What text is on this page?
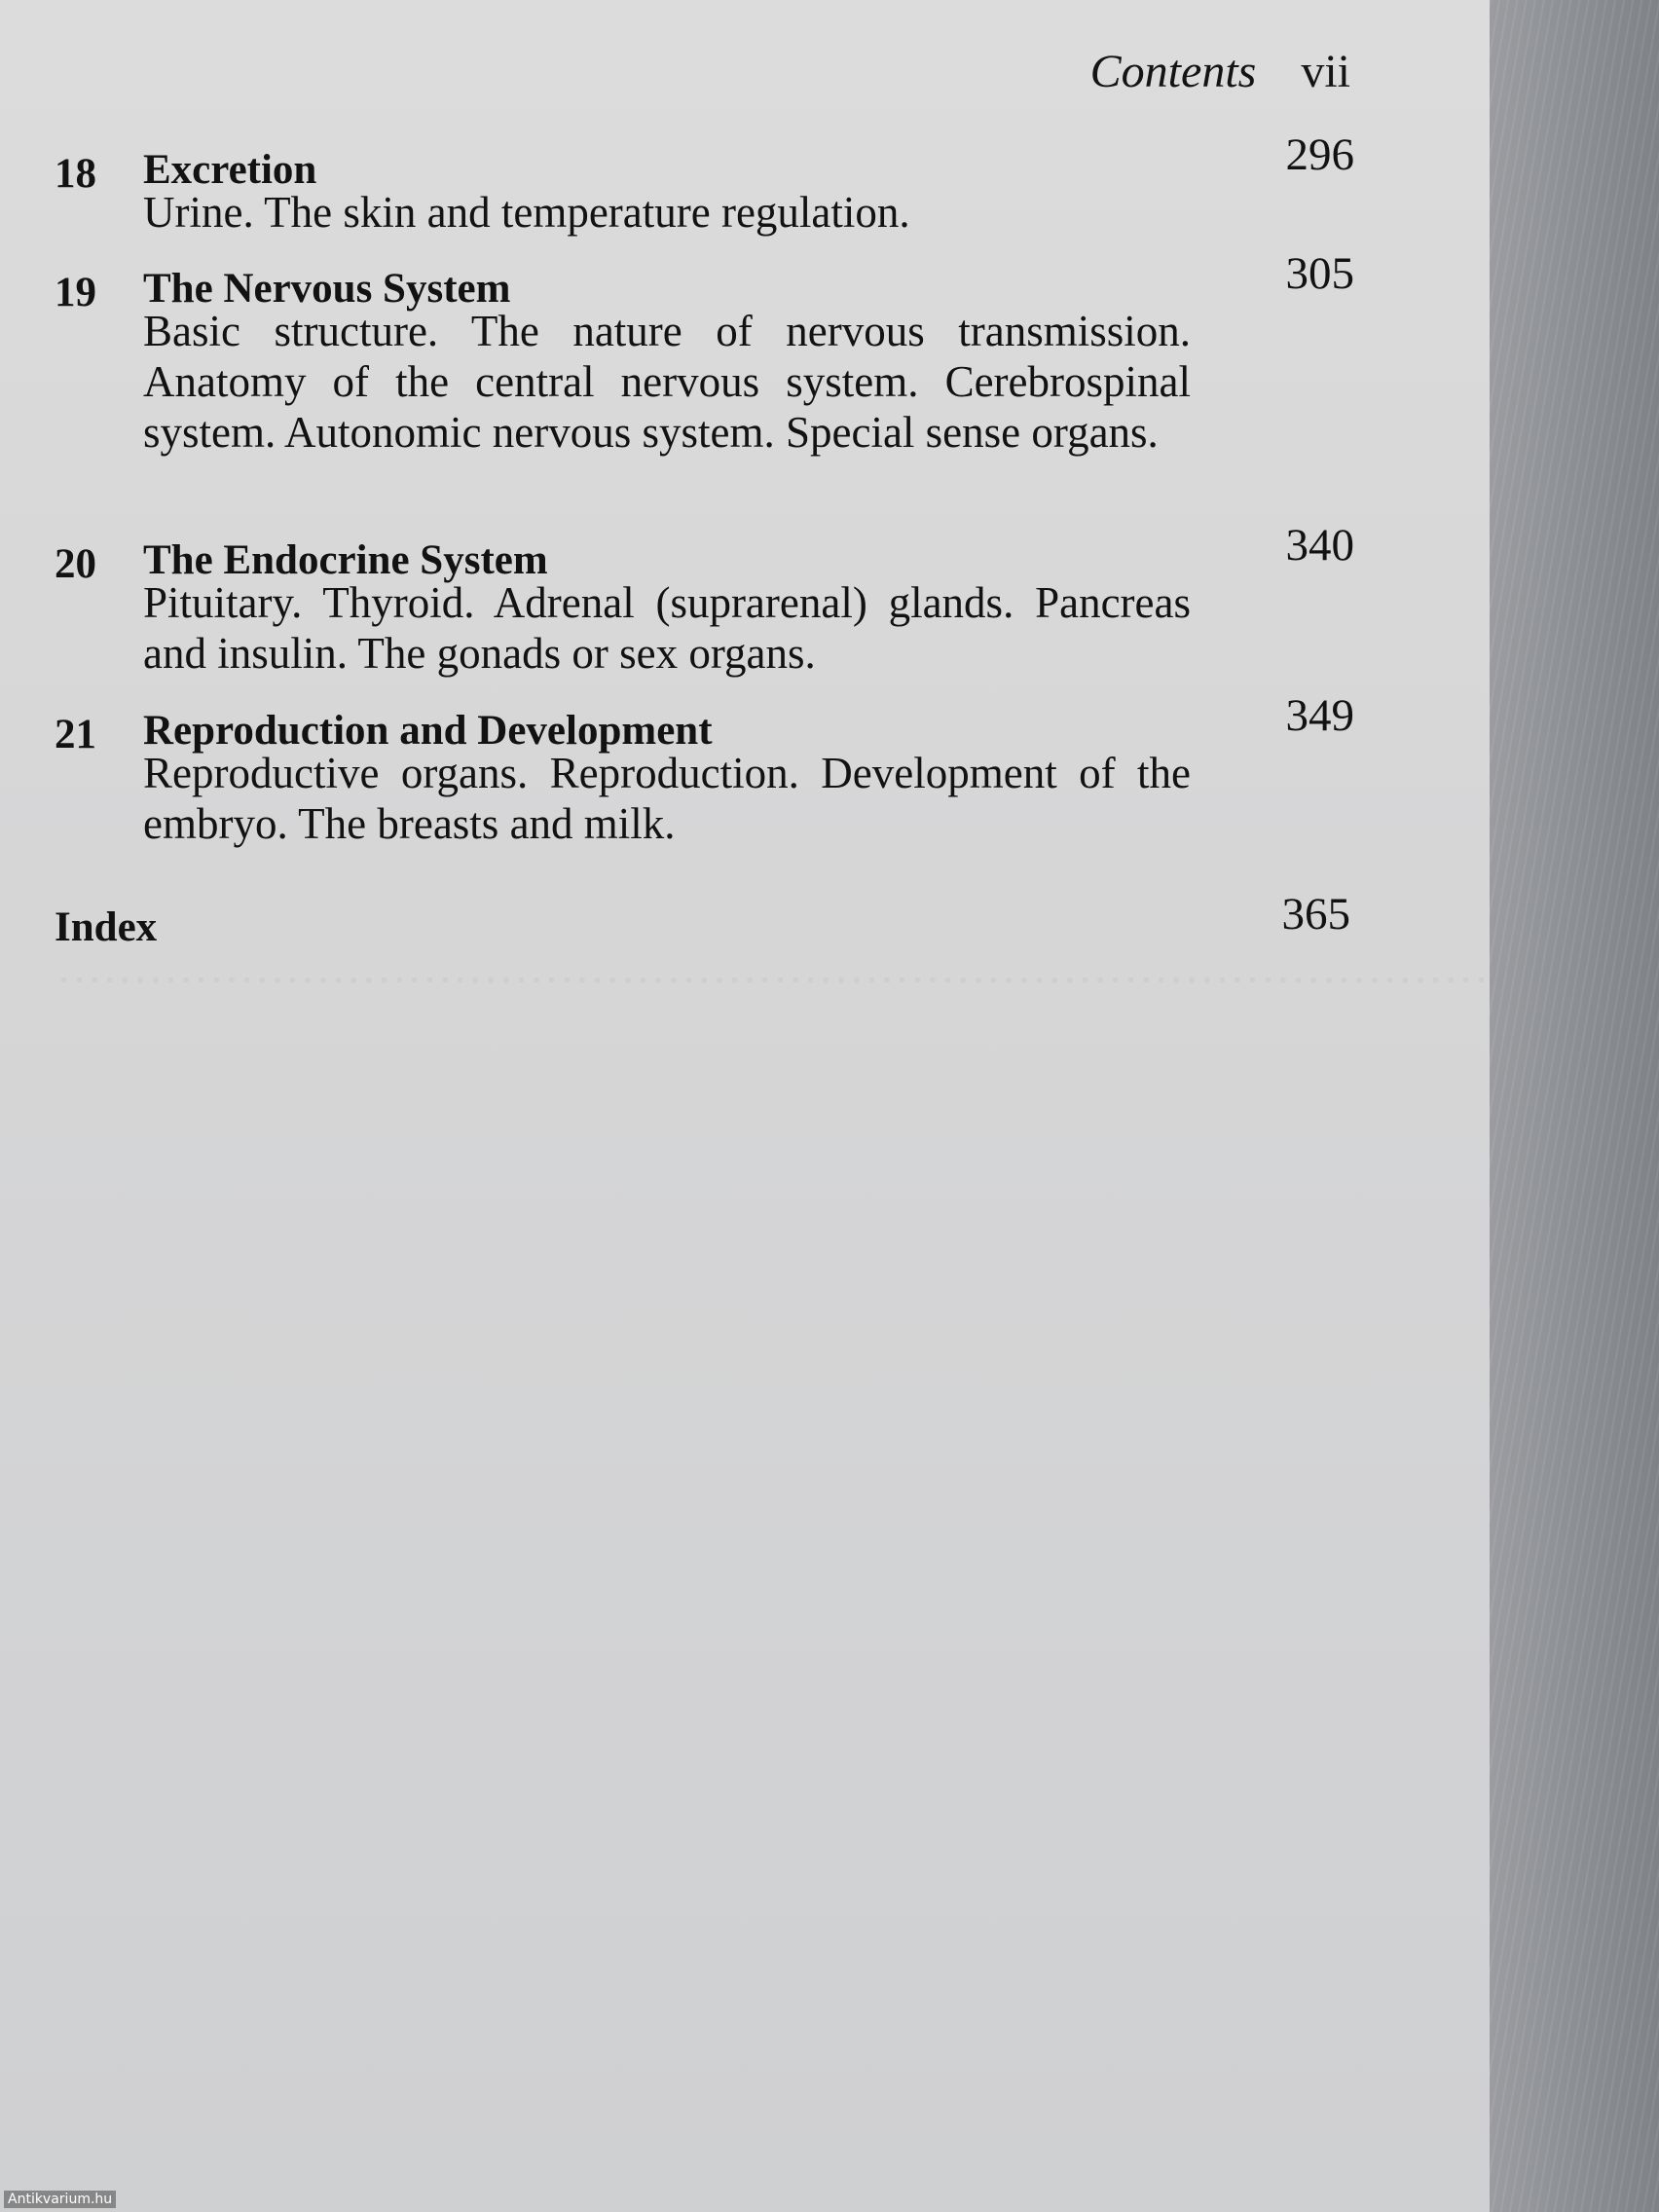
Contents vii
18 Excretion	296
Urine. The skin and temperature regulation.
19 The Nervous System	305
Basic structure. The nature of nervous transmission. Anatomy of the central nervous system. Cerebrospinal system. Autonomic nervous system. Special sense organs.
20 The Endocrine System	340
Pituitary. Thyroid. Adrenal (suprarenal) glands. Pancreas and insulin. The gonads or sex organs.
21 Reproduction and Development	349
Reproductive organs. Reproduction. Development of the embryo. The breasts and milk.
Index	365
Antikvarium.hu
